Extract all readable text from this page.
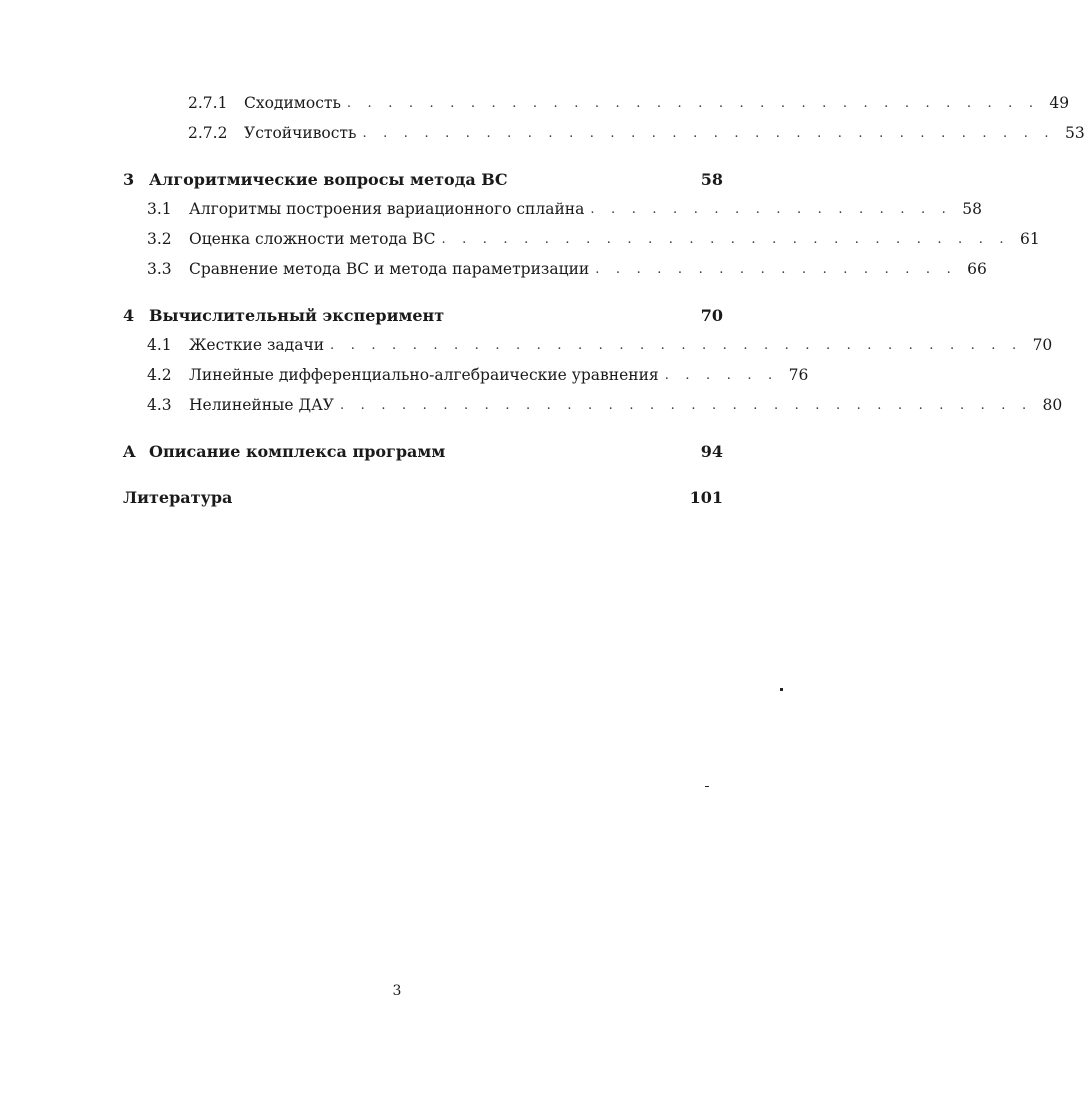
2.7.1	Сходимость . . . . . . . . . . . . . . . . . . . . . . . . . . . . . . . . . . 49
2.7.2	Устойчивость . . . . . . . . . . . . . . . . . . . . . . . . . . . . . . . . . . 53
3 Алгоритмические вопросы метода ВС	58
3.1	Алгоритмы построения вариационного сплайна . . . . . . . . . . . . . . . . . . 58
3.2	Оценка сложности метода ВС . . . . . . . . . . . . . . . . . . . . . . . . . . . . 61
3.3	Сравнение метода ВС и метода параметризации . . . . . . . . . . . . . . . . . . 66
4 Вычислительный эксперимент	70
4.1	Жесткие задачи . . . . . . . . . . . . . . . . . . . . . . . . . . . . . . . . . . 70
4.2	Линейные дифференциально-алгебраические уравнения . . . . . . 76
4.3	Нелинейные ДАУ . . . . . . . . . . . . . . . . . . . . . . . . . . . . . . . . . . 80
A Описание комплекса программ	94
Литература	101
3
